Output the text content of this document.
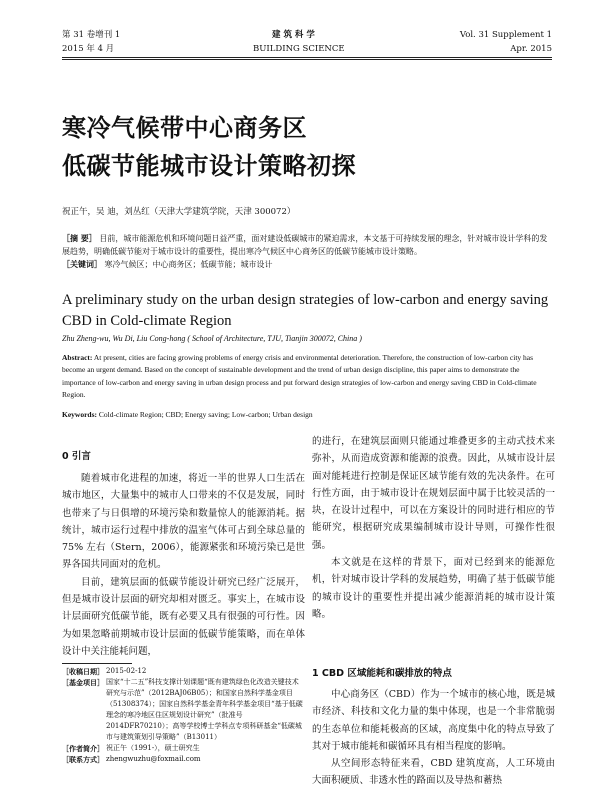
第 31 卷增刊 1
2015 年 4 月
建 筑 科 学
BUILDING SCIENCE
Vol. 31 Supplement 1
Apr. 2015
寒冷气候带中心商务区
低碳节能城市设计策略初探
祝正午，吴 迪，刘丛红（天津大学建筑学院，天津 300072）
［摘 要］ 目前，城市能源危机和环境问题日益严重，面对建设低碳城市的紧迫需求，本文基于可持续发展的理念，针对城市设计学科的发展趋势，明确低碳节能对于城市设计的重要性，提出寒冷气候区中心商务区的低碳节能城市设计策略。
［关键词］ 寒冷气候区；中心商务区；低碳节能；城市设计
A preliminary study on the urban design strategies of low-carbon and energy saving CBD in Cold-climate Region
Zhu Zheng-wu, Wu Di, Liu Cong-hong ( School of Architecture, TJU, Tianjin 300072, China )
Abstract: At present, cities are facing growing problems of energy crisis and environmental deterioration. Therefore, the construction of low-carbon city has become an urgent demand. Based on the concept of sustainable development and the trend of urban design discipline, this paper aims to demonstrate the importance of low-carbon and energy saving in urban design process and put forward design strategies of low-carbon and energy saving CBD in Cold-climate Region.
Keywords: Cold-climate Region; CBD; Energy saving; Low-carbon; Urban design
0 引言

随着城市化进程的加速，将近一半的世界人口生活在城市地区，大量集中的城市人口带来的不仅是发展，同时也带来了与日俱增的环境污染和数量惊人的能源消耗。据统计，城市运行过程中排放的温室气体可占到全球总量的 75% 左右（Stern，2006），能源紧张和环境污染已是世界各国共同面对的危机。

目前，建筑层面的低碳节能设计研究已经广泛展开，但是城市设计层面的研究却相对匮乏。事实上，在城市设计层面研究低碳节能，既有必要又具有很强的可行性。因为如果忽略前期城市设计层面的低碳节能策略，而在单体设计中关注能耗问题，

［收稿日期］ 2015-02-12
［基金项目］ 国家“十二五”科技支撑计划课题“既有建筑绿色化改造关键技术研究与示范”（2012BAJ06B05）；和国家自然科学基金项目（51308374）；国家自然科学基金青年科学基金项目“基于低碳理念的寒冷地区住区规划设计研究”（批准号 2014DFR70210）；高等学校博士学科点专项科研基金“低碳城市与建筑策划引导策略”（B13011）
［作者简介］ 祝正午（1991-），硕士研究生
［联系方式］ zhengwuzhu@foxmail.com

的进行，在建筑层面则只能通过堆叠更多的主动式技术来弥补，从而造成资源和能源的浪费。因此，从城市设计层面对能耗进行控制是保证区域节能有效的先决条件。在可行性方面，由于城市设计在规划层面中属于比较灵活的一块，在设计过程中，可以在方案设计的同时进行相应的节能研究，根据研究成果编制城市设计导则，可操作性很强。

本文就是在这样的背景下，面对已经到来的能源危机，针对城市设计学科的发展趋势，明确了基于低碳节能的城市设计的重要性并提出减少能源消耗的城市设计策略。

1 CBD 区域能耗和碳排放的特点

中心商务区（CBD）作为一个城市的核心地，既是城市经济、科技和文化力量的集中体现，也是一个非常脆弱的生态单位和能耗极高的区域，高度集中化的特点导致了其对于城市能耗和碳循环具有相当程度的影响。

从空间形态特征来看，CBD 建筑度高，人工环境由大面积硬质、非透水性的路面以及导热和蓄热
